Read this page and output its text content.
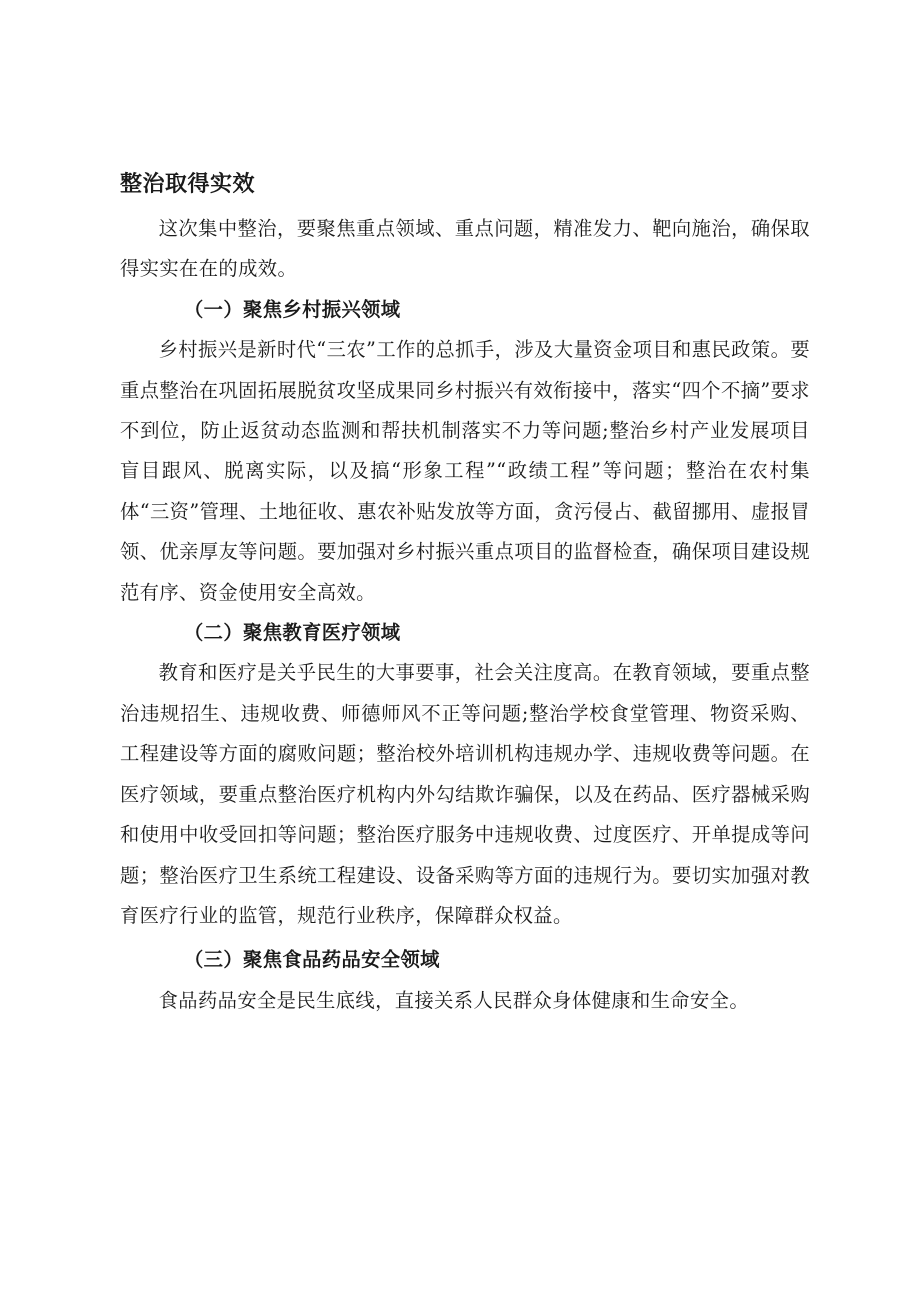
整治取得实效

这次集中整治，要聚焦重点领域、重点问题，精准发力、靶向施治，确保取得实实在在的成效。

（一）聚焦乡村振兴领域

乡村振兴是新时代“三农”工作的总抓手，涉及大量资金项目和惠民政策。要重点整治在巩固拓展脱贫攻坚成果同乡村振兴有效衔接中，落实“四个不摘”要求不到位，防止返贫动态监测和帮扶机制落实不力等问题;整治乡村产业发展项目盲目跟风、脱离实际，以及搞“形象工程”“政绩工程”等问题；整治在农村集体“三资”管理、土地征收、惠农补贴发放等方面，贪污侵占、截留挪用、虚报冒领、优亲厚友等问题。要加强对乡村振兴重点项目的监督检查，确保项目建设规范有序、资金使用安全高效。

（二）聚焦教育医疗领域

教育和医疗是关乎民生的大事要事，社会关注度高。在教育领域，要重点整治违规招生、违规收费、师德师风不正等问题;整治学校食堂管理、物资采购、工程建设等方面的腐败问题；整治校外培训机构违规办学、违规收费等问题。在医疗领域，要重点整治医疗机构内外勾结欺诈骗保，以及在药品、医疗器械采购和使用中收受回扣等问题；整治医疗服务中违规收费、过度医疗、开单提成等问题；整治医疗卫生系统工程建设、设备采购等方面的违规行为。要切实加强对教育医疗行业的监管，规范行业秩序，保障群众权益。

（三）聚焦食品药品安全领域

食品药品安全是民生底线，直接关系人民群众身体健康和生命安全。
